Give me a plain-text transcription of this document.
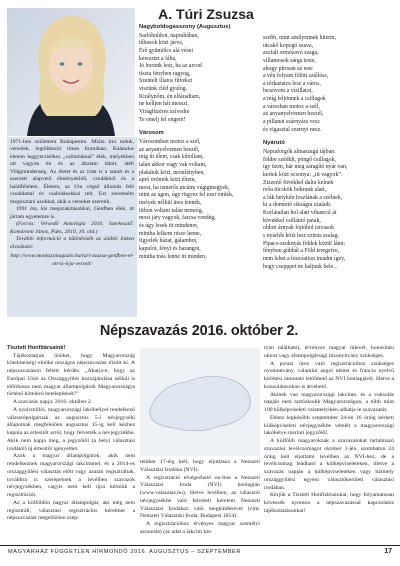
1971-ben születtem Budapesten. Mióta írni tudok, verselek, legtöbbször rímes formában. Kalandos életem leggyerziséhez „vallomással” élek, melyekben ott vagyok én és az általam látott, átélt Világmindenség. Az életet és az írást is a tanult és a szerzett alapvető élményekből, csodákból és a halálfélelem. Életem, az Uta végső állomás felé csodálattal és csalódásokkal telt. Ezt szeretném megosztani azokkal, akik a verseket szeretik.

1991 óta, kis megszakításokkal, Genfben élek, itt jártam egyetemre is.

(Forrás: Versedő Antológia 2010, Szerkesztő: Komáromi János, Paks, 2010, 10. old.)

További információ a különbözőt az alábbi linken olvasható:

http://www.montazsmagazin.hu/turi-zsuzsa-genfben-el-ott-is-irja-verseit/

A. Túri Zsuzsa
Nagyboldogasszony (Augusztus)
Sarlóholdon, napruhában,
tűbusok közt járva,
Érő gyümölcs alá vései
keresztet a fába,
Jó borunk lesz, ha az arcod
tiszta fényben ragyog,
Szentelt illatos füveket
viszünk cléd gyulog.
Királynőm, én elfáradtam,
ne kelljen hát messzi,
Virágfüzéres szívedre
Te emelj fel engem!
Városom
Városomban motoz a szél,
az anyanyelvemen beszél,
míg itt élem, csak lohollam,
talán akkor vagy vak voltam,
plakátok közt, neonfényben,
apró örömök közt éltem,
most, ha ismerős utcáim végigmegyek,
mint az ágon, úgy rügyez fel ezer emlék,
melyek nélkül üres lennék,
itthon voltam talán nemrég,
most járy vagyok, farcsa vendég,
és úgy lesek itt mindenre,
mintha lelkem része lenne,
figyelek házat, galambot,
kapulót, fényt és harangot,
mintha más lenne itt minden,
szebb, mint amilyennek hittem,
utcakő kopogó szava,
aszfalt ormózavó szaga,
villamosok sárga teste,
ahogy pirosan az este
a vén folyam fölött szállóss,
a tőrkazatos lesz a város,
beszívom a vízillatot,
a míg feljönnek a csillagok
a városban motoz a szél,
az anyanyelvemen beszél,
a pillanat szárnyára vesz
és vigasztal ezernyi nesz.
Nyárutó
Napraforgók almaszagú tájban:
földre szédült, pöngő csillagok,
így üzen, hár meg sáragító nyár van,
kertek közt ocsonya: „itt vagyok”.
Zizzenő füvekkel dalra kelnek
reõa tücskök bokrunk alatt,
a fák hetykén foszlának a szélnek,
ki a domtetõ sikságra szaladt.
Korlátatlan hol alatt vihancol át
kövekkel csillántó patak,
oldott árnyak fojtóbol istvasok
s nyárlék közt lesz ezüsts szalag.
Pipacs-szoknyás földek közül lámi:
fényben gúbbál a Föld teregetve,
nem lehet a hiszóation imádni ígey,
hogy csepppet ne haljunk bele...
Népszavazás 2016. október 2.

Tisztelt Honfitársaink!

Tájékoztatjuk önöket, hogy Magyarország kötelmeiségi elnöke országos népszavazást tűzött ki. A népszavazáson feltett kérdés: „Akarja-e, hogy az Európai Unió az Országgyűlés hozzájárulása nélkül is előírhassa nem magyar állampolgárok Magyarországra történő kötelező betelepítését?”

A szavazás napja: 2016. október 2.

A nyolcmillió, magyarországi lakóhellyel rendelkező választópolgárnak az augusztus 5-i névjegyzéki állapotnak megfelelően augusztus 15-ig kell kézhez kapnia az értesítőt arról, hogy felvették a névjegyzékbe. Akik nem kapja meg, a jegyzőtől (a helyi választási irodától) új értesítőt igényelhet.

Azok a magyar állampolgárok, akik nem rendelkeznek magyarországi lakcímmel, és a 2014-es országgyűlési választás előtt vagy azután regisztráltak, továbbra is szerepelnek a levélben szavazók névjegyzékben, vagyis nem kell újra kérniük a regisztrációt.

Az a külföldön nagyar állampolgár, aki még nem regisztrált, választási regisztrációs kérelmet a népszavazást megelőzően szep-

tember 17-éig kell, hogy eljuttassa a Nemzeti Választási Irodába (NVI).

A regisztráció elvégezhető on-line a Nemzeti Választási Iroda (NVI) honlapján (www.valasztas.hu), illetve levélben, az választói névjegyzékbe való felvételt kérelem Nemzeti Választási Irodához való megküldésével (cím: Nemzeti Választási Iroda, Budapest 1854).

A regisztrációhoz érvényes magyar személyi azonosító (az adat a lakcím kár-

tyán található), érvényes magyar útlevél, honosítási okirat vagy állampolgársági bizonyítvány szükséges.

A postai úton való regisztrációhoz szükséges nyomtatvány, valamint angol német és francia nyelvű kitöltési útmutató letölthető az NVI honlapjáról, illetve a konzulátusokon is átvehető.

Akinek van magyarországi lakcíme, és a voksolás napján nem tartózkodik Magyarországon, a több mint 100 külképviseleti valamelyikén adhatja le szavazatát.

Ehhez legkésőbb szeptember 24-én 16 óráig kérheti külképviseleti névjegyzékbe vételét a magyarországi lakóhelye szerinti jegyzőtől.

A külföldi magyaroknak a szavazatokat tartalmazó szavazási levélcsomagot október 1-jén, szombaton 24 óráig kell eljuttatni levélben az NVI-hez, de a levélcsomag leadható a külképviseleteken, illetve a szavazás napján a külképviseleteken vagy bármely országgyűlési egyéni választókerületi választási irodában.

Kérjük a Tisztelt Honfitársainkat, hogy folyamatosan kövessék nyomon a népszavazással kapcsolatos tájékoztatásunkat!

MAGYARHÁZ FÜGGETLEN HÍRMONDÓ 2016. AUGUSZTUS – SZEPTEMBER	17
